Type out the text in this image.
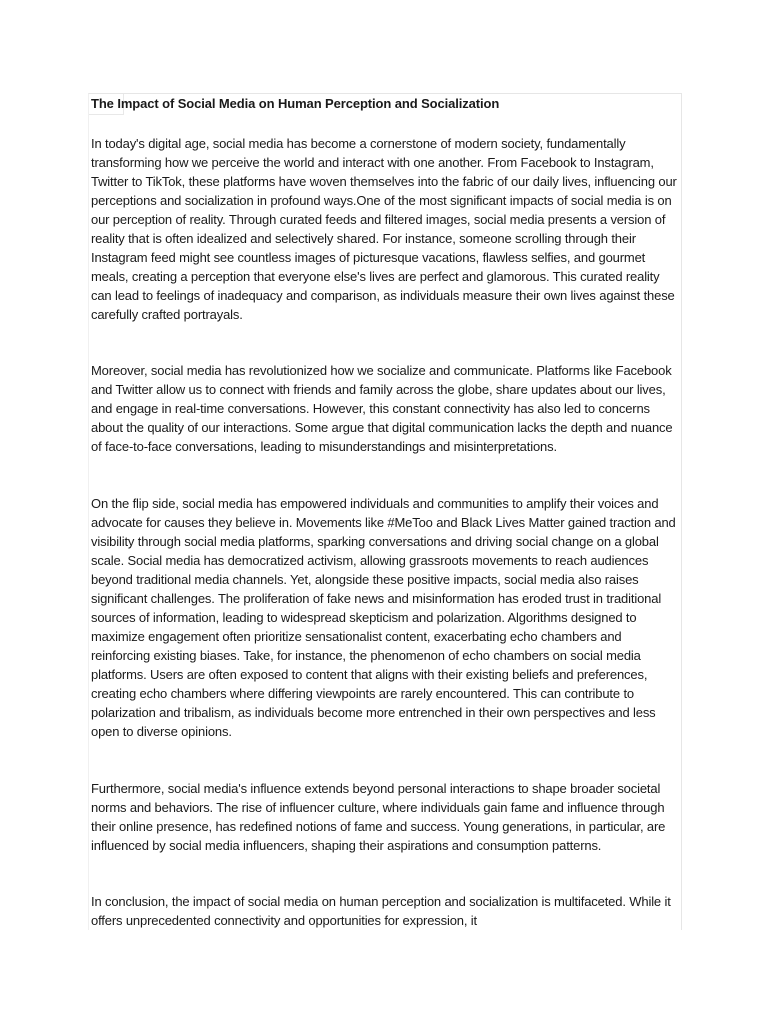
The Impact of Social Media on Human Perception and Socialization

In today's digital age, social media has become a cornerstone of modern society, fundamentally transforming how we perceive the world and interact with one another. From Facebook to Instagram, Twitter to TikTok, these platforms have woven themselves into the fabric of our daily lives, influencing our perceptions and socialization in profound ways.One of the most significant impacts of social media is on our perception of reality. Through curated feeds and filtered images, social media presents a version of reality that is often idealized and selectively shared. For instance, someone scrolling through their Instagram feed might see countless images of picturesque vacations, flawless selfies, and gourmet meals, creating a perception that everyone else's lives are perfect and glamorous. This curated reality can lead to feelings of inadequacy and comparison, as individuals measure their own lives against these carefully crafted portrayals.

Moreover, social media has revolutionized how we socialize and communicate. Platforms like Facebook and Twitter allow us to connect with friends and family across the globe, share updates about our lives, and engage in real-time conversations. However, this constant connectivity has also led to concerns about the quality of our interactions. Some argue that digital communication lacks the depth and nuance of face-to-face conversations, leading to misunderstandings and misinterpretations.

On the flip side, social media has empowered individuals and communities to amplify their voices and advocate for causes they believe in. Movements like #MeToo and Black Lives Matter gained traction and visibility through social media platforms, sparking conversations and driving social change on a global scale. Social media has democratized activism, allowing grassroots movements to reach audiences beyond traditional media channels. Yet, alongside these positive impacts, social media also raises significant challenges. The proliferation of fake news and misinformation has eroded trust in traditional sources of information, leading to widespread skepticism and polarization. Algorithms designed to maximize engagement often prioritize sensationalist content, exacerbating echo chambers and reinforcing existing biases. Take, for instance, the phenomenon of echo chambers on social media platforms. Users are often exposed to content that aligns with their existing beliefs and preferences, creating echo chambers where differing viewpoints are rarely encountered. This can contribute to polarization and tribalism, as individuals become more entrenched in their own perspectives and less open to diverse opinions.

Furthermore, social media's influence extends beyond personal interactions to shape broader societal norms and behaviors. The rise of influencer culture, where individuals gain fame and influence through their online presence, has redefined notions of fame and success. Young generations, in particular, are influenced by social media influencers, shaping their aspirations and consumption patterns.

In conclusion, the impact of social media on human perception and socialization is multifaceted. While it offers unprecedented connectivity and opportunities for expression, it
